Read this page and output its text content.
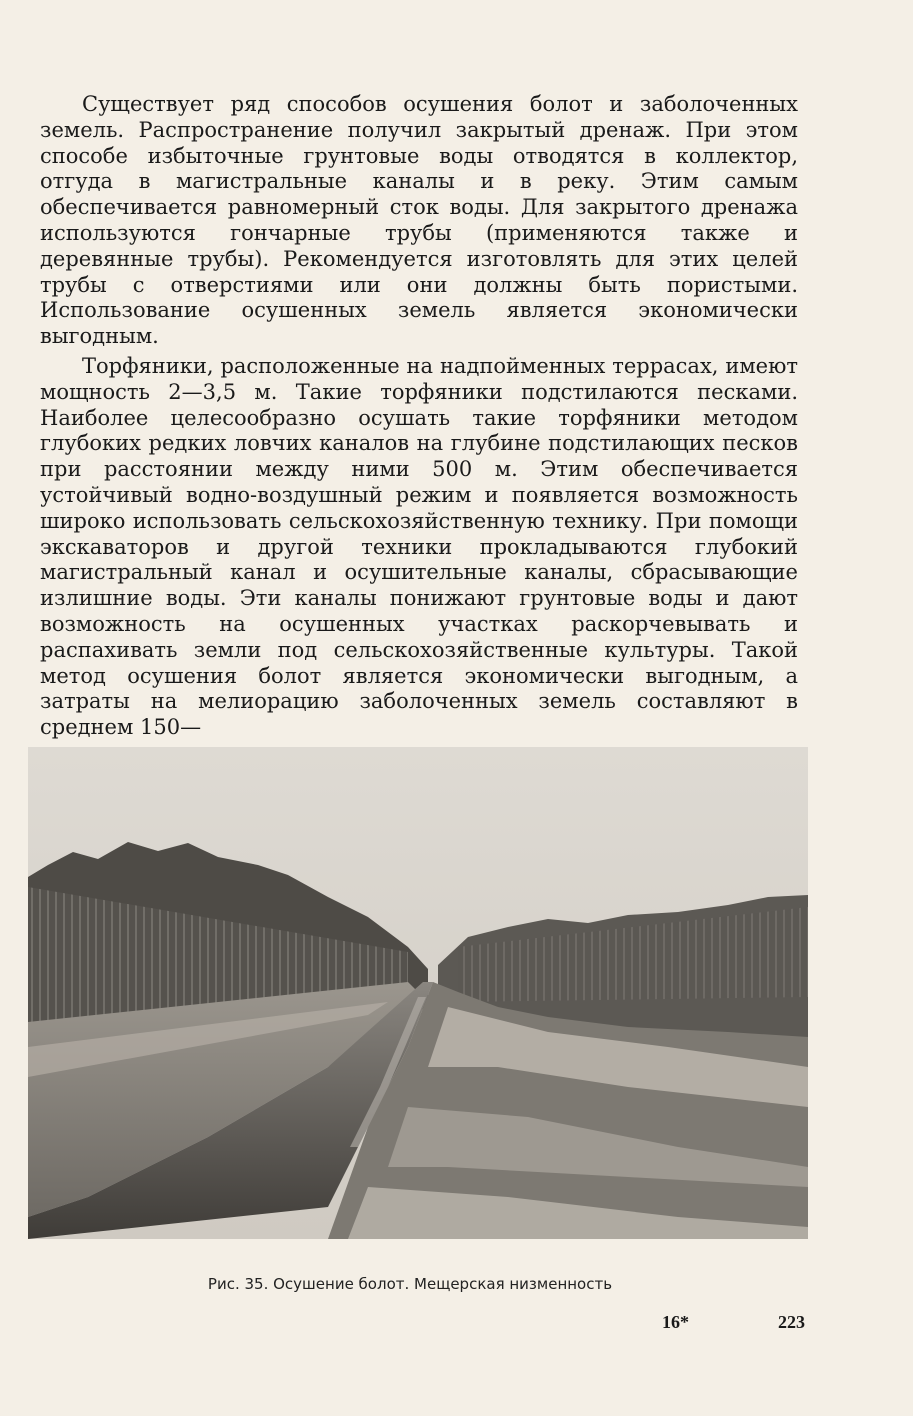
Существует ряд способов осушения болот и заболоченных земель. Распространение получил закрытый дренаж. При этом способе избыточные грунтовые воды отводятся в коллектор, отгуда в магистральные каналы и в реку. Этим самым обеспечивается равномерный сток воды. Для закрытого дренажа используются гончарные трубы (применяются также и деревянные трубы). Рекомендуется изготовлять для этих целей трубы с отверстиями или они должны быть пористыми. Использование осушенных земель является экономически выгодным.

Торфяники, расположенные на надпойменных террасах, имеют мощность 2—3,5 м. Такие торфяники подстилаются песками. Наиболее целесообразно осушать такие торфяники методом глубоких редких ловчих каналов на глубине подстилающих песков при расстоянии между ними 500 м. Этим обеспечивается устойчивый водно-воздушный режим и появляется возможность широко использовать сельскохозяйственную технику. При помощи экскаваторов и другой техники прокладываются глубокий магистральный канал и осушительные каналы, сбрасывающие излишние воды. Эти каналы понижают грунтовые воды и дают возможность на осушенных участках раскорчевывать и распахивать земли под сельскохозяйственные культуры. Такой метод осушения болот является экономически выгодным, а затраты на мелиорацию заболоченных земель составляют в среднем 150—

Рис. 35. Осушение болот. Мещерская низменность
16*	223
